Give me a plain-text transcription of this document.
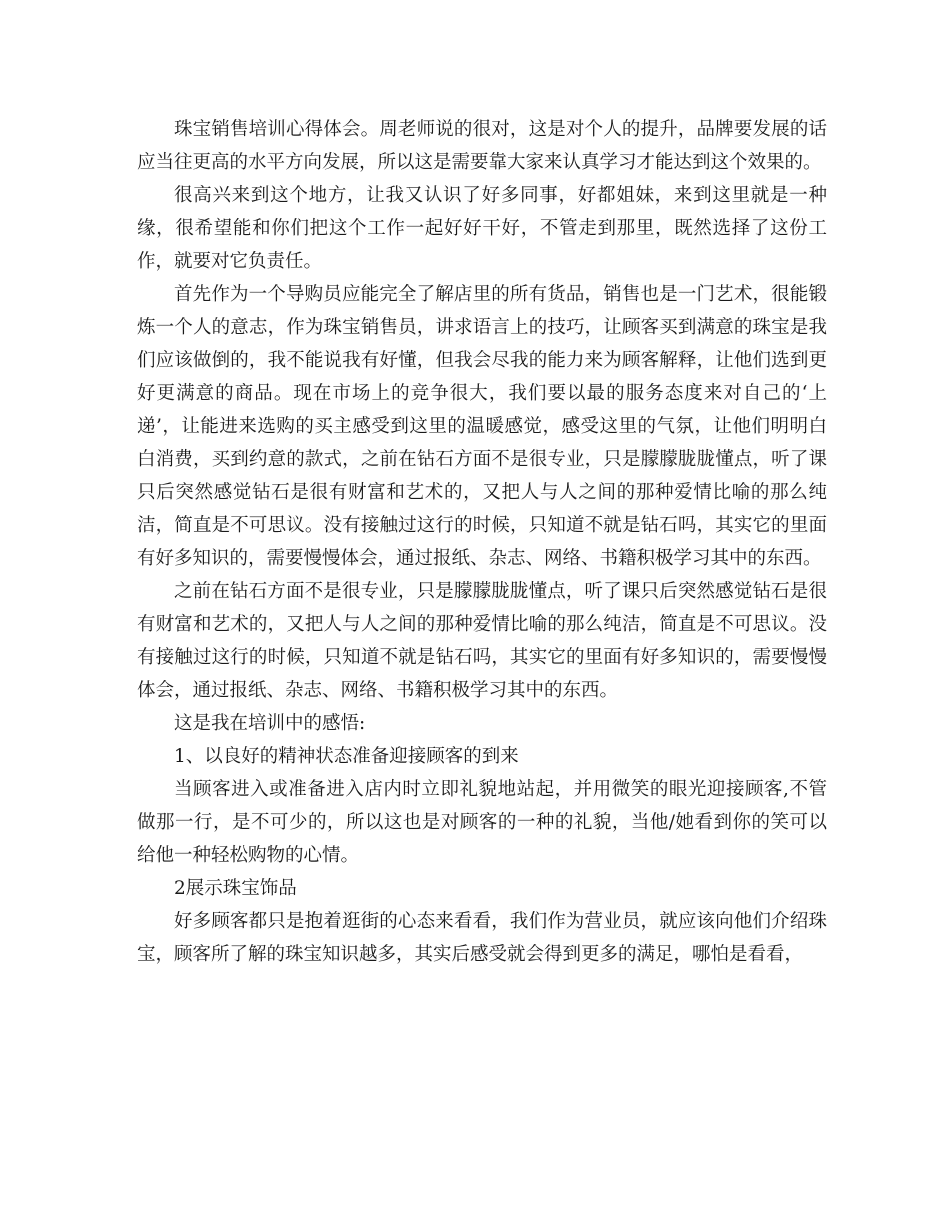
珠宝销售培训心得体会。周老师说的很对，这是对个人的提升，品牌要发展的话应当往更高的水平方向发展，所以这是需要靠大家来认真学习才能达到这个效果的。

很高兴来到这个地方，让我又认识了好多同事，好都姐妹，来到这里就是一种缘，很希望能和你们把这个工作一起好好干好，不管走到那里，既然选择了这份工作，就要对它负责任。

首先作为一个导购员应能完全了解店里的所有货品，销售也是一门艺术，很能锻炼一个人的意志，作为珠宝销售员，讲求语言上的技巧，让顾客买到满意的珠宝是我们应该做倒的，我不能说我有好懂，但我会尽我的能力来为顾客解释，让他们选到更好更满意的商品。现在市场上的竞争很大，我们要以最的服务态度来对自己的‘上递’，让能进来选购的买主感受到这里的温暖感觉，感受这里的气氛，让他们明明白白消费，买到约意的款式，之前在钻石方面不是很专业，只是朦朦胧胧懂点，听了课只后突然感觉钻石是很有财富和艺术的，又把人与人之间的那种爱情比喻的那么纯洁，简直是不可思议。没有接触过这行的时候，只知道不就是钻石吗，其实它的里面有好多知识的，需要慢慢体会，通过报纸、杂志、网络、书籍积极学习其中的东西。

之前在钻石方面不是很专业，只是朦朦胧胧懂点，听了课只后突然感觉钻石是很有财富和艺术的，又把人与人之间的那种爱情比喻的那么纯洁，简直是不可思议。没有接触过这行的时候，只知道不就是钻石吗，其实它的里面有好多知识的，需要慢慢体会，通过报纸、杂志、网络、书籍积极学习其中的东西。

这是我在培训中的感悟:

1、以良好的精神状态准备迎接顾客的到来

当顾客进入或准备进入店内时立即礼貌地站起，并用微笑的眼光迎接顾客,不管做那一行，是不可少的，所以这也是对顾客的一种的礼貌，当他/她看到你的笑可以给他一种轻松购物的心情。

2展示珠宝饰品

好多顾客都只是抱着逛街的心态来看看，我们作为营业员，就应该向他们介绍珠宝，顾客所了解的珠宝知识越多，其实后感受就会得到更多的满足，哪怕是看看，
